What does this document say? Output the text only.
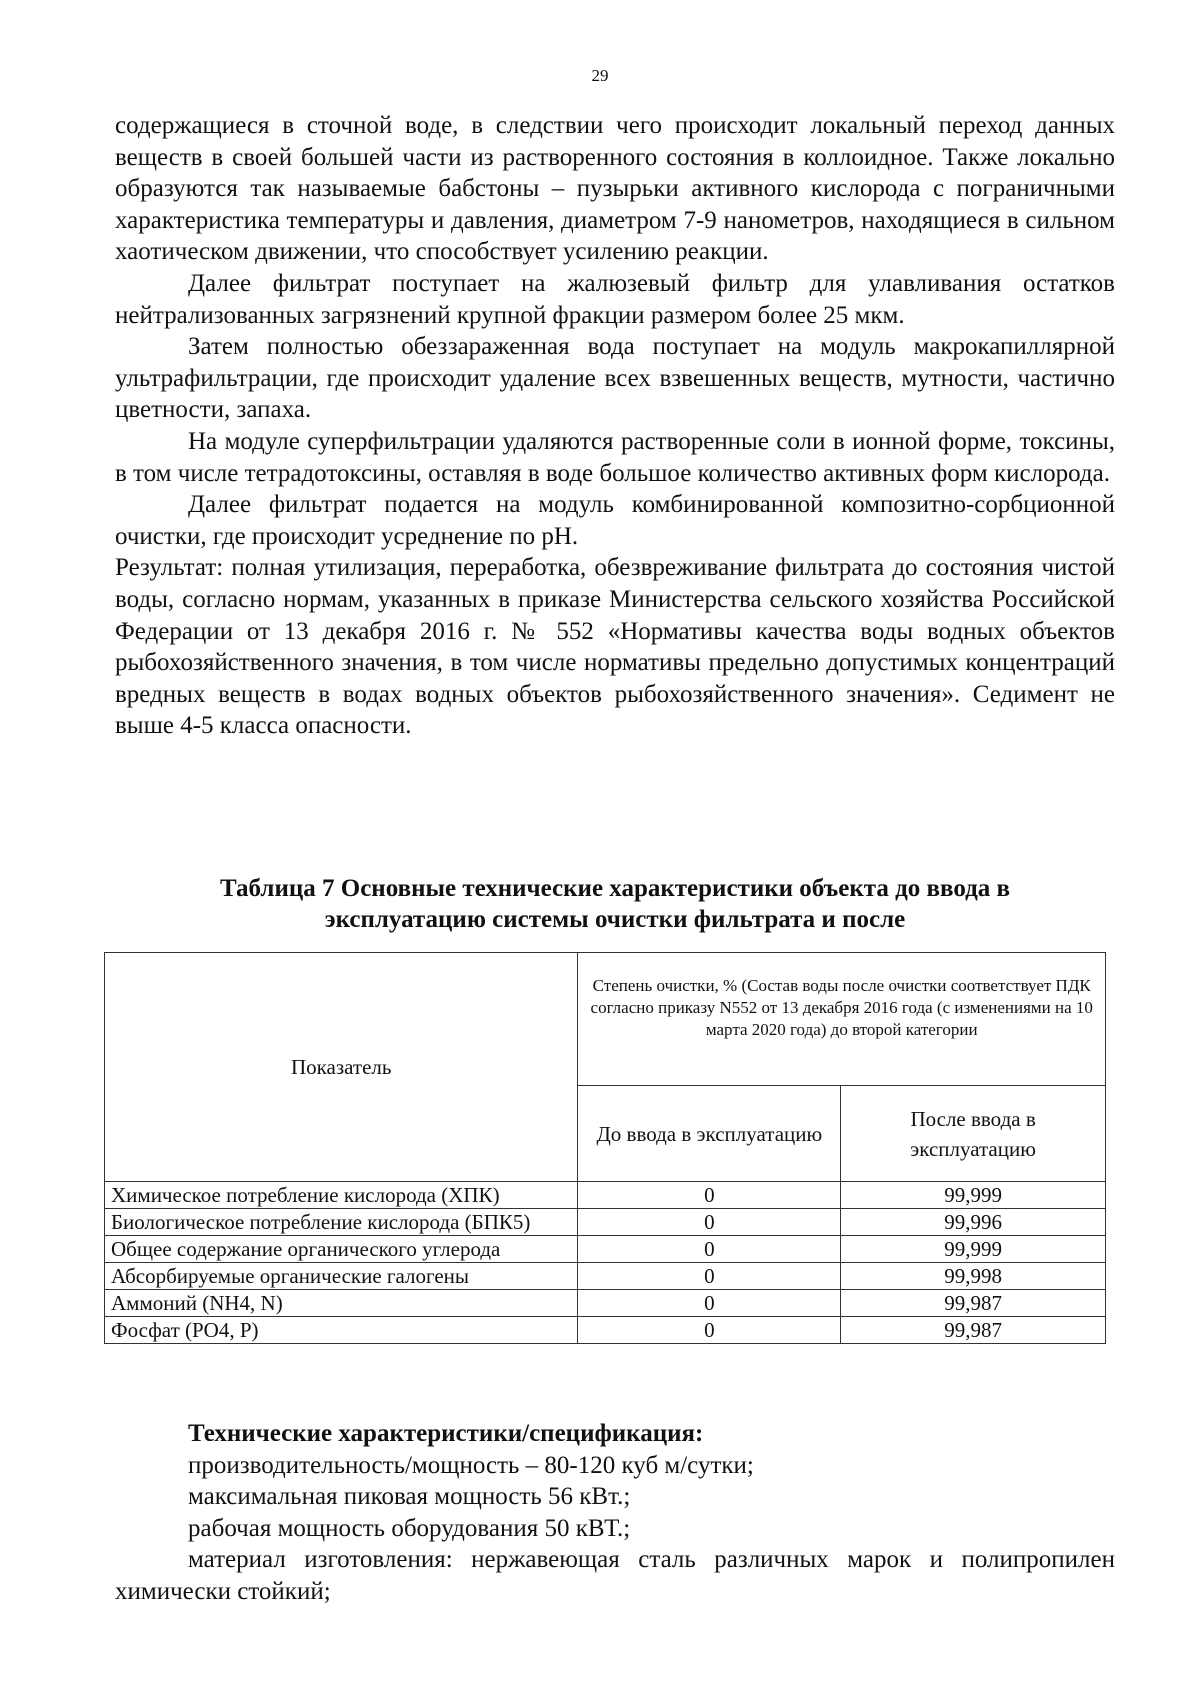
29

содержащиеся в сточной воде, в следствии чего происходит локальный переход данных веществ в своей большей части из растворенного состояния в коллоидное. Также локально образуются так называемые бабстоны – пузырьки активного кислорода с пограничными характеристика температуры и давления, диаметром 7-9 нанометров, находящиеся в сильном хаотическом движении, что способствует усилению реакции.

Далее фильтрат поступает на жалюзевый фильтр для улавливания остатков нейтрализованных загрязнений крупной фракции размером более 25 мкм.

Затем полностью обеззараженная вода поступает на модуль макрокапиллярной ультрафильтрации, где происходит удаление всех взвешенных веществ, мутности, частично цветности, запаха.

На модуле суперфильтрации удаляются растворенные соли в ионной форме, токсины, в том числе тетрадотоксины, оставляя в воде большое количество активных форм кислорода.

Далее фильтрат подается на модуль комбинированной композитно-сорбционной очистки, где происходит усреднение по pH.

Результат: полная утилизация, переработка, обезвреживание фильтрата до состояния чистой воды, согласно нормам, указанных в приказе Министерства сельского хозяйства Российской Федерации от 13 декабря 2016 г. № 552 «Нормативы качества воды водных объектов рыбохозяйственного значения, в том числе нормативы предельно допустимых концентраций вредных веществ в водах водных объектов рыбохозяйственного значения». Седимент не выше 4-5 класса опасности.

Таблица 7 Основные технические характеристики объекта до ввода в
эксплуатацию системы очистки фильтрата и после
Показатель	Степень очистки, % (Состав воды после очистки соответствует ПДК согласно приказу N552 от 13 декабря 2016 года (с изменениями на 10 марта 2020 года) до второй категории	
	До ввода в эксплуатацию	После ввода в эксплуатацию
Химическое потребление кислорода (ХПК)	0	99,999
Биологическое потребление кислорода (БПК5)	0	99,996
Общее содержание органического углерода	0	99,999
Абсорбируемые органические галогены	0	99,998
Аммоний (NH4, N)	0	99,987
Фосфат (PO4, P)	0	99,987

Технические характеристики/спецификация:

производительность/мощность – 80-120 куб м/сутки;

максимальная пиковая мощность 56 кВт.;

рабочая мощность оборудования 50 кВТ.;

материал изготовления: нержавеющая сталь различных марок и полипропилен химически стойкий;
